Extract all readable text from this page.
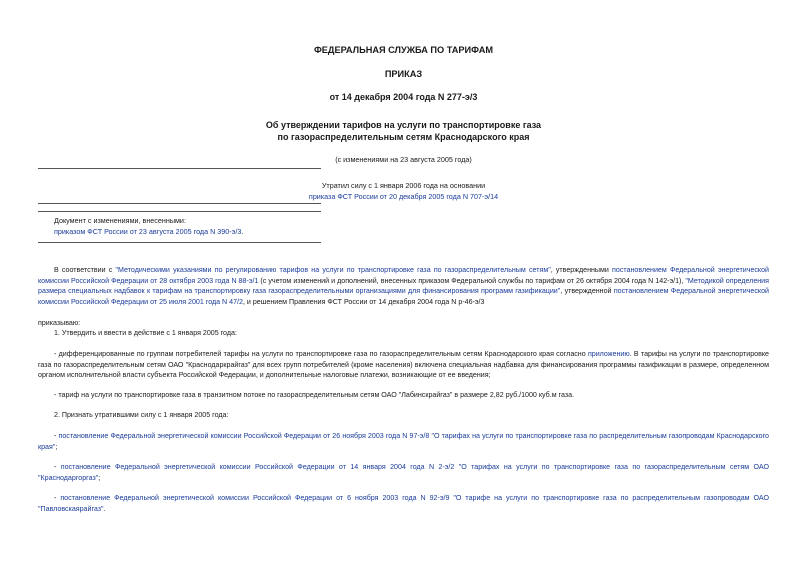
ФЕДЕРАЛЬНАЯ СЛУЖБА ПО ТАРИФАМ
ПРИКАЗ
от 14 декабря 2004 года N 277-э/3
Об утверждении тарифов на услуги по транспортировке газа
по газораспределительным сетям Краснодарского края
(с изменениями на 23 августа 2005 года)
Утратил силу с 1 января 2006 года на основании
приказа ФСТ России от 20 декабря 2005 года N 707-э/14
Документ с изменениями, внесенными:
приказом ФСТ России от 23 августа 2005 года N 390-э/3.

В соответствии с "Методическими указаниями по регулированию тарифов на услуги по транспортировке газа по газораспределительным сетям", утвержденными постановлением Федеральной энергетической комиссии Российской Федерации от 28 октября 2003 года N 88-э/1 (с учетом изменений и дополнений, внесенных приказом Федеральной службы по тарифам от 26 октября 2004 года N 142-э/1), "Методикой определения размера специальных надбавок к тарифам на транспортировку газа газораспределительными организациями для финансирования программ газификации", утвержденной постановлением Федеральной энергетической комиссии Российской Федерации от 25 июля 2001 года N 47/2, и решением Правления ФСТ России от 14 декабря 2004 года N р-46-э/3

приказываю:

1. Утвердить и ввести в действие с 1 января 2005 года:

- дифференцированные по группам потребителей тарифы на услуги по транспортировке газа по газораспределительным сетям Краснодарского края согласно приложению. В тарифы на услуги по транспортировке газа по газораспределительным сетям ОАО "Краснодаркрайгаз" для всех групп потребителей (кроме населения) включена специальная надбавка для финансирования программы газификации в размере, определенном органом исполнительной власти субъекта Российской Федерации, и дополнительные налоговые платежи, возникающие от ее введения;

- тариф на услуги по транспортировке газа в транзитном потоке по газораспределительным сетям ОАО "Лабинскрайгаз" в размере 2,82 руб./1000 куб.м газа.

2. Признать утратившими силу с 1 января 2005 года:

- постановление Федеральной энергетической комиссии Российской Федерации от 26 ноября 2003 года N 97-э/8 "О тарифах на услуги по транспортировке газа по распределительным газопроводам Краснодарского края";

- постановление Федеральной энергетической комиссии Российской Федерации от 14 января 2004 года N 2-э/2 "О тарифах на услуги по транспортировке газа по газораспределительным сетям ОАО "Краснодаргоргаз";

- постановление Федеральной энергетической комиссии Российской Федерации от 6 ноября 2003 года N 92-э/9 "О тарифе на услуги по транспортировке газа по распределительным газопроводам ОАО "Павловскаярайгаз".
